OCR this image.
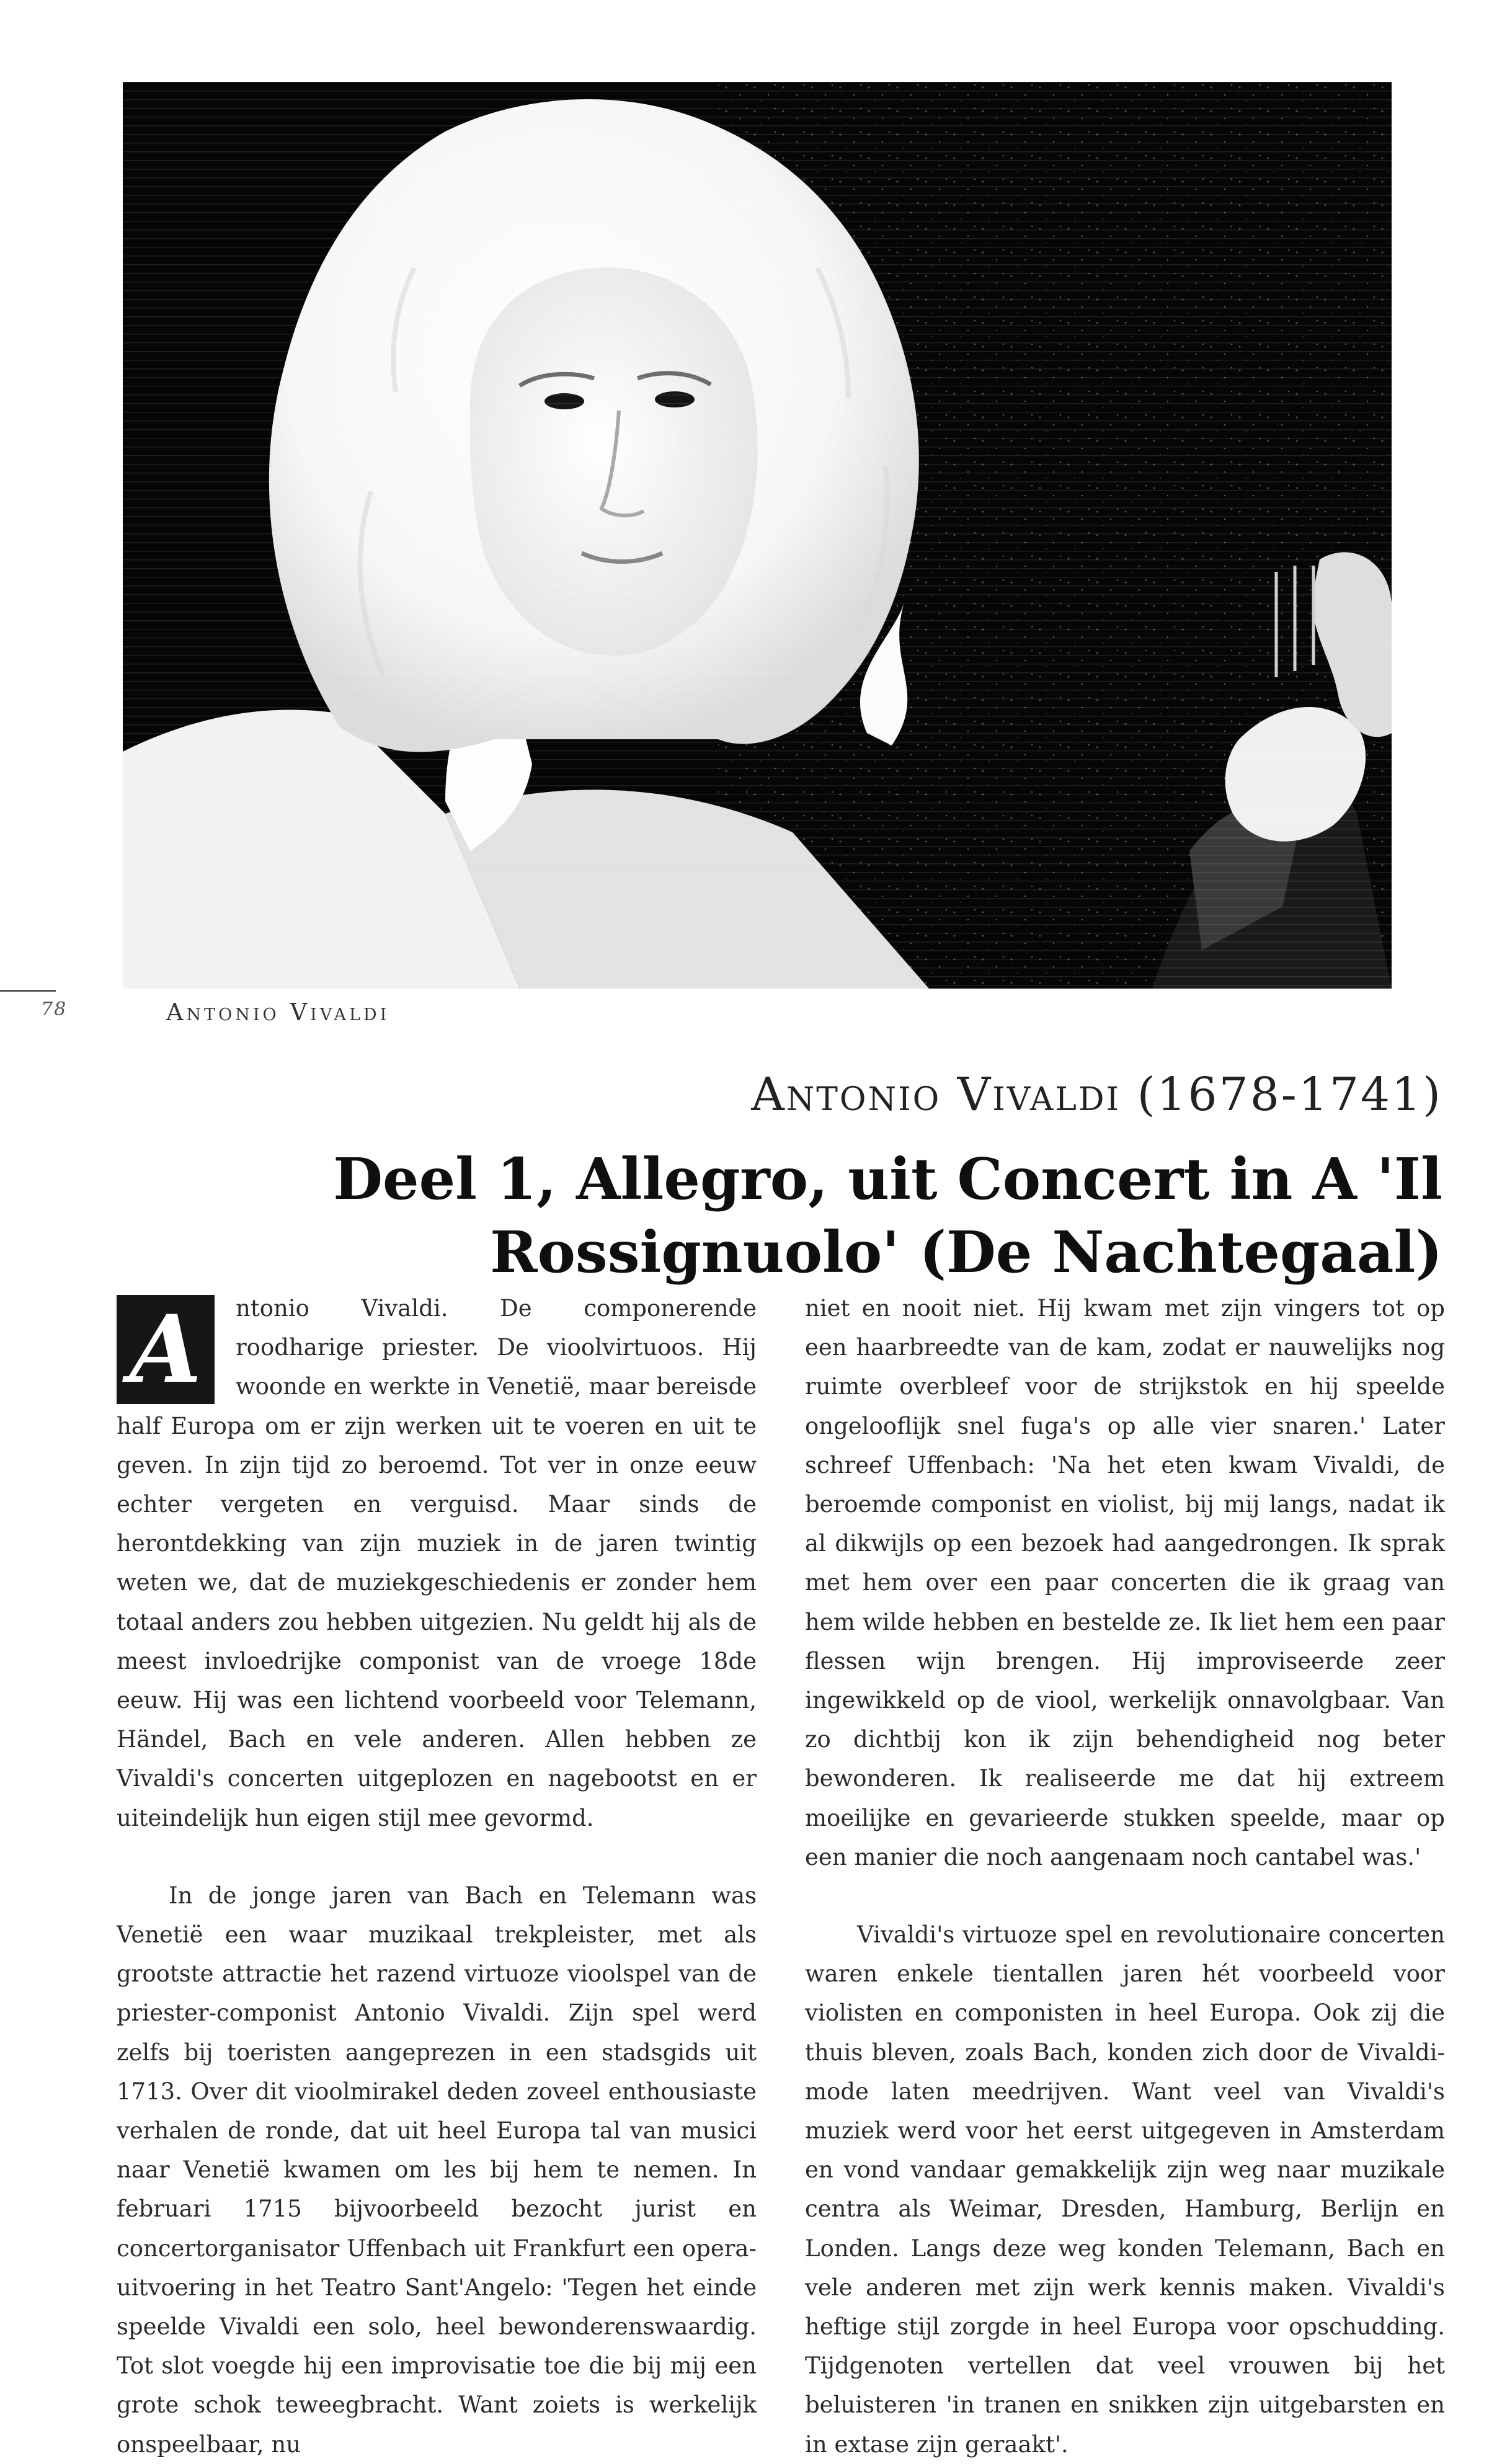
78	Antonio Vivaldi
Antonio Vivaldi (1678-1741)
Deel 1, Allegro, uit Concert in A 'Il Rossignuolo' (De Nachtegaal)

A ntonio Vivaldi. De componerende roodharige priester. De vioolvirtuoos. Hij woonde en werkte in Venetië, maar bereisde half Europa om er zijn werken uit te voeren en uit te geven. In zijn tijd zo beroemd. Tot ver in onze eeuw echter vergeten en verguisd. Maar sinds de herontdekking van zijn muziek in de jaren twintig weten we, dat de muziekgeschiedenis er zonder hem totaal anders zou hebben uitgezien. Nu geldt hij als de meest invloedrijke componist van de vroege 18de eeuw. Hij was een lichtend voorbeeld voor Telemann, Händel, Bach en vele anderen. Allen hebben ze Vivaldi's concerten uitgeplozen en nagebootst en er uiteindelijk hun eigen stijl mee gevormd.

In de jonge jaren van Bach en Telemann was Venetië een waar muzikaal trekpleister, met als grootste attractie het razend virtuoze vioolspel van de priester-componist Antonio Vivaldi. Zijn spel werd zelfs bij toeristen aangeprezen in een stadsgids uit 1713. Over dit vioolmirakel deden zoveel enthousiaste verhalen de ronde, dat uit heel Europa tal van musici naar Venetië kwamen om les bij hem te nemen. In februari 1715 bijvoorbeeld bezocht jurist en concertorganisator Uffenbach uit Frankfurt een opera-uitvoering in het Teatro Sant'Angelo: 'Tegen het einde speelde Vivaldi een solo, heel bewonderenswaardig. Tot slot voegde hij een improvisatie toe die bij mij een grote schok teweegbracht. Want zoiets is werkelijk onspeelbaar, nu

niet en nooit niet. Hij kwam met zijn vingers tot op een haarbreedte van de kam, zodat er nauwelijks nog ruimte overbleef voor de strijkstok en hij speelde ongelooflijk snel fuga's op alle vier snaren.' Later schreef Uffenbach: 'Na het eten kwam Vivaldi, de beroemde componist en violist, bij mij langs, nadat ik al dikwijls op een bezoek had aangedrongen. Ik sprak met hem over een paar concerten die ik graag van hem wilde hebben en bestelde ze. Ik liet hem een paar flessen wijn brengen. Hij improviseerde zeer ingewikkeld op de viool, werkelijk onnavolgbaar. Van zo dichtbij kon ik zijn behendigheid nog beter bewonderen. Ik realiseerde me dat hij extreem moeilijke en gevarieerde stukken speelde, maar op een manier die noch aangenaam noch cantabel was.'

Vivaldi's virtuoze spel en revolutionaire concerten waren enkele tientallen jaren hét voorbeeld voor violisten en componisten in heel Europa. Ook zij die thuis bleven, zoals Bach, konden zich door de Vivaldi-mode laten meedrijven. Want veel van Vivaldi's muziek werd voor het eerst uitgegeven in Amsterdam en vond vandaar gemakkelijk zijn weg naar muzikale centra als Weimar, Dresden, Hamburg, Berlijn en Londen. Langs deze weg konden Telemann, Bach en vele anderen met zijn werk kennis maken. Vivaldi's heftige stijl zorgde in heel Europa voor opschudding. Tijdgenoten vertellen dat veel vrouwen bij het beluisteren 'in tranen en snikken zijn uitgebarsten en in extase zijn geraakt'.
